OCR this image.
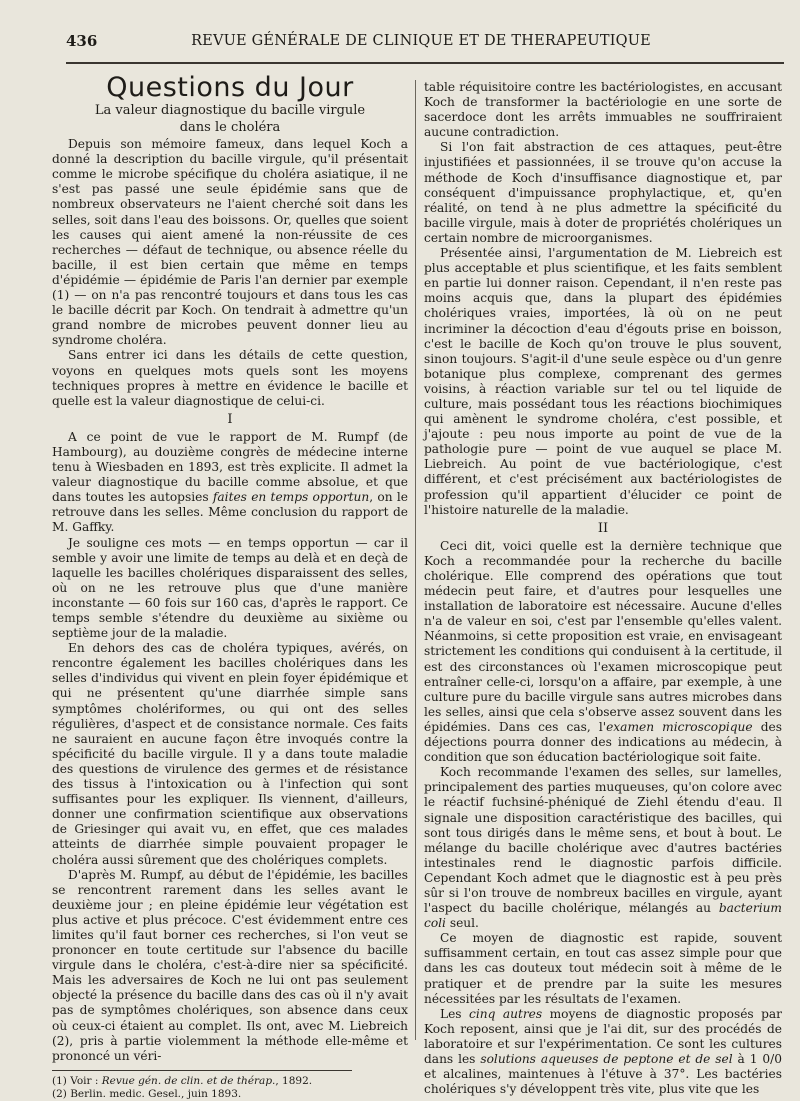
436	REVUE GÉNÉRALE DE CLINIQUE ET DE THERAPEUTIQUE
Questions du Jour
La valeur diagnostique du bacille virgule
dans le choléra

Depuis son mémoire fameux, dans lequel Koch a donné la description du bacille virgule, qu'il présentait comme le microbe spécifique du choléra asiatique, il ne s'est pas passé une seule épidémie sans que de nombreux observateurs ne l'aient cherché soit dans les selles, soit dans l'eau des boissons. Or, quelles que soient les causes qui aient amené la non-réussite de ces recherches — défaut de technique, ou absence réelle du bacille, il est bien certain que même en temps d'épidémie — épidémie de Paris l'an dernier par exemple (1) — on n'a pas rencontré toujours et dans tous les cas le bacille décrit par Koch. On tendrait à admettre qu'un grand nombre de microbes peuvent donner lieu au syndrome choléra.

Sans entrer ici dans les détails de cette question, voyons en quelques mots quels sont les moyens techniques propres à mettre en évidence le bacille et quelle est la valeur diagnostique de celui-ci.

I

A ce point de vue le rapport de M. Rumpf (de Hambourg), au douzième congrès de médecine interne tenu à Wiesbaden en 1893, est très explicite. Il admet la valeur diagnostique du bacille comme absolue, et que dans toutes les autopsies faites en temps opportun, on le retrouve dans les selles. Même conclusion du rapport de M. Gaffky.

Je souligne ces mots — en temps opportun — car il semble y avoir une limite de temps au delà et en deçà de laquelle les bacilles cholériques disparaissent des selles, où on ne les retrouve plus que d'une manière inconstante — 60 fois sur 160 cas, d'après le rapport. Ce temps semble s'étendre du deuxième au sixième ou septième jour de la maladie.

En dehors des cas de choléra typiques, avérés, on rencontre également les bacilles cholériques dans les selles d'individus qui vivent en plein foyer épidémique et qui ne présentent qu'une diarrhée simple sans symptômes cholériformes, ou qui ont des selles régulières, d'aspect et de consistance normale. Ces faits ne sauraient en aucune façon être invoqués contre la spécificité du bacille virgule. Il y a dans toute maladie des questions de virulence des germes et de résistance des tissus à l'intoxication ou à l'infection qui sont suffisantes pour les expliquer. Ils viennent, d'ailleurs, donner une confirmation scientifique aux observations de Griesinger qui avait vu, en effet, que ces malades atteints de diarrhée simple pouvaient propager le choléra aussi sûrement que des cholériques complets.

D'après M. Rumpf, au début de l'épidémie, les bacilles se rencontrent rarement dans les selles avant le deuxième jour ; en pleine épidémie leur végétation est plus active et plus précoce. C'est évidemment entre ces limites qu'il faut borner ces recherches, si l'on veut se prononcer en toute certitude sur l'absence du bacille virgule dans le choléra, c'est-à-dire nier sa spécificité. Mais les adversaires de Koch ne lui ont pas seulement objecté la présence du bacille dans des cas où il n'y avait pas de symptômes cholériques, son absence dans ceux où ceux-ci étaient au complet. Ils ont, avec M. Liebreich (2), pris à partie violemment la méthode elle-même et prononcé un véri-

(1) Voir : Revue gén. de clin. et de thérap., 1892.

(2) Berlin. medic. Gesel., juin 1893.

table réquisitoire contre les bactériologistes, en accusant Koch de transformer la bactériologie en une sorte de sacerdoce dont les arrêts immuables ne souffriraient aucune contradiction.

Si l'on fait abstraction de ces attaques, peut-être injustifiées et passionnées, il se trouve qu'on accuse la méthode de Koch d'insuffisance diagnostique et, par conséquent d'impuissance prophylactique, et, qu'en réalité, on tend à ne plus admettre la spécificité du bacille virgule, mais à doter de propriétés cholériques un certain nombre de microorganismes.

Présentée ainsi, l'argumentation de M. Liebreich est plus acceptable et plus scientifique, et les faits semblent en partie lui donner raison. Cependant, il n'en reste pas moins acquis que, dans la plupart des épidémies cholériques vraies, importées, là où on ne peut incriminer la décoction d'eau d'égouts prise en boisson, c'est le bacille de Koch qu'on trouve le plus souvent, sinon toujours. S'agit-il d'une seule espèce ou d'un genre botanique plus complexe, comprenant des germes voisins, à réaction variable sur tel ou tel liquide de culture, mais possédant tous les réactions biochimiques qui amènent le syndrome choléra, c'est possible, et j'ajoute : peu nous importe au point de vue de la pathologie pure — point de vue auquel se place M. Liebreich. Au point de vue bactériologique, c'est différent, et c'est précisément aux bactériologistes de profession qu'il appartient d'élucider ce point de l'histoire naturelle de la maladie.

II

Ceci dit, voici quelle est la dernière technique que Koch a recommandée pour la recherche du bacille cholérique. Elle comprend des opérations que tout médecin peut faire, et d'autres pour lesquelles une installation de laboratoire est nécessaire. Aucune d'elles n'a de valeur en soi, c'est par l'ensemble qu'elles valent. Néanmoins, si cette proposition est vraie, en envisageant strictement les conditions qui conduisent à la certitude, il est des circonstances où l'examen microscopique peut entraîner celle-ci, lorsqu'on a affaire, par exemple, à une culture pure du bacille virgule sans autres microbes dans les selles, ainsi que cela s'observe assez souvent dans les épidémies. Dans ces cas, l'examen microscopique des déjections pourra donner des indications au médecin, à condition que son éducation bactériologique soit faite.

Koch recommande l'examen des selles, sur lamelles, principalement des parties muqueuses, qu'on colore avec le réactif fuchsiné-phéniqué de Ziehl étendu d'eau. Il signale une disposition caractéristique des bacilles, qui sont tous dirigés dans le même sens, et bout à bout. Le mélange du bacille cholérique avec d'autres bactéries intestinales rend le diagnostic parfois difficile. Cependant Koch admet que le diagnostic est à peu près sûr si l'on trouve de nombreux bacilles en virgule, ayant l'aspect du bacille cholérique, mélangés au bacterium coli seul.

Ce moyen de diagnostic est rapide, souvent suffisamment certain, en tout cas assez simple pour que dans les cas douteux tout médecin soit à même de le pratiquer et de prendre par la suite les mesures nécessitées par les résultats de l'examen.

Les cinq autres moyens de diagnostic proposés par Koch reposent, ainsi que je l'ai dit, sur des procédés de laboratoire et sur l'expérimentation. Ce sont les cultures dans les solutions aqueuses de peptone et de sel à 1 0/0 et alcalines, maintenues à l'étuve à 37°. Les bactéries cholériques s'y développent très vite, plus vite que les
